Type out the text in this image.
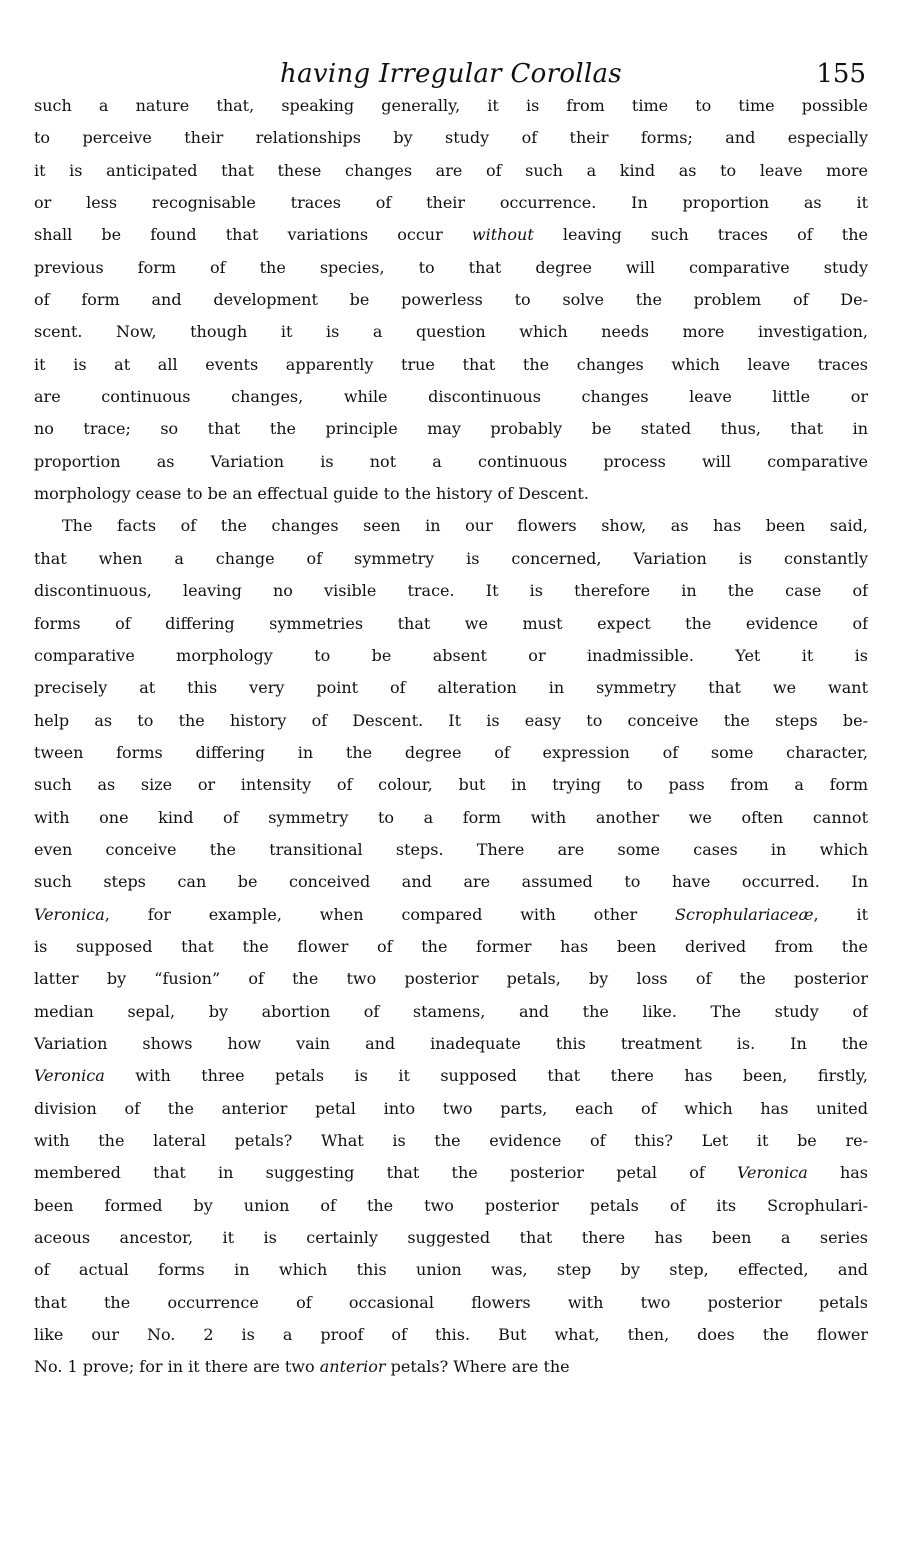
having Irregular Corollas	155
such a nature that, speaking generally, it is from time to time possible
to perceive their relationships by study of their forms; and especially
it is anticipated that these changes are of such a kind as to leave more
or less recognisable traces of their occurrence. In proportion as it
shall be found that variations occur without leaving such traces of the
previous form of the species, to that degree will comparative study
of form and development be powerless to solve the problem of De-
scent. Now, though it is a question which needs more investigation,
it is at all events apparently true that the changes which leave traces
are continuous changes, while discontinuous changes leave little or
no trace; so that the principle may probably be stated thus, that in
proportion as Variation is not a continuous process will comparative
morphology cease to be an effectual guide to the history of Descent.
The facts of the changes seen in our flowers show, as has been said,
that when a change of symmetry is concerned, Variation is constantly
discontinuous, leaving no visible trace. It is therefore in the case of
forms of differing symmetries that we must expect the evidence of
comparative morphology to be absent or inadmissible. Yet it is
precisely at this very point of alteration in symmetry that we want
help as to the history of Descent. It is easy to conceive the steps be-
tween forms differing in the degree of expression of some character,
such as size or intensity of colour, but in trying to pass from a form
with one kind of symmetry to a form with another we often cannot
even conceive the transitional steps. There are some cases in which
such steps can be conceived and are assumed to have occurred. In
Veronica, for example, when compared with other Scrophulariaceæ, it
is supposed that the flower of the former has been derived from the
latter by “fusion” of the two posterior petals, by loss of the posterior
median sepal, by abortion of stamens, and the like. The study of
Variation shows how vain and inadequate this treatment is. In the
Veronica with three petals is it supposed that there has been, firstly,
division of the anterior petal into two parts, each of which has united
with the lateral petals? What is the evidence of this? Let it be re-
membered that in suggesting that the posterior petal of Veronica has
been formed by union of the two posterior petals of its Scrophulari-
aceous ancestor, it is certainly suggested that there has been a series
of actual forms in which this union was, step by step, effected, and
that the occurrence of occasional flowers with two posterior petals
like our No. 2 is a proof of this. But what, then, does the flower
No. 1 prove; for in it there are two anterior petals? Where are the
